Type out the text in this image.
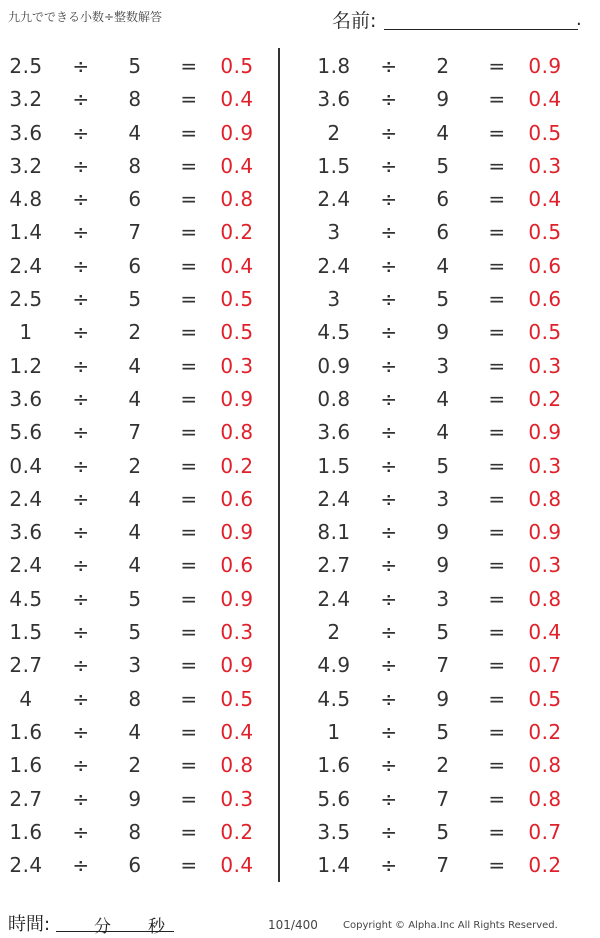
九九でできる小数÷整数解答	名前:	.
2.5	÷	5	=	0.5
3.2	÷	8	=	0.4
3.6	÷	4	=	0.9
3.2	÷	8	=	0.4
4.8	÷	6	=	0.8
1.4	÷	7	=	0.2
2.4	÷	6	=	0.4
2.5	÷	5	=	0.5
1	÷	2	=	0.5
1.2	÷	4	=	0.3
3.6	÷	4	=	0.9
5.6	÷	7	=	0.8
0.4	÷	2	=	0.2
2.4	÷	4	=	0.6
3.6	÷	4	=	0.9
2.4	÷	4	=	0.6
4.5	÷	5	=	0.9
1.5	÷	5	=	0.3
2.7	÷	3	=	0.9
4	÷	8	=	0.5
1.6	÷	4	=	0.4
1.6	÷	2	=	0.8
2.7	÷	9	=	0.3
1.6	÷	8	=	0.2
2.4	÷	6	=	0.4
1.8	÷	2	=	0.9
3.6	÷	9	=	0.4
2	÷	4	=	0.5
1.5	÷	5	=	0.3
2.4	÷	6	=	0.4
3	÷	6	=	0.5
2.4	÷	4	=	0.6
3	÷	5	=	0.6
4.5	÷	9	=	0.5
0.9	÷	3	=	0.3
0.8	÷	4	=	0.2
3.6	÷	4	=	0.9
1.5	÷	5	=	0.3
2.4	÷	3	=	0.8
8.1	÷	9	=	0.9
2.7	÷	9	=	0.3
2.4	÷	3	=	0.8
2	÷	5	=	0.4
4.9	÷	7	=	0.7
4.5	÷	9	=	0.5
1	÷	5	=	0.2
1.6	÷	2	=	0.8
5.6	÷	7	=	0.8
3.5	÷	5	=	0.7
1.4	÷	7	=	0.2
時間:	分 秒	101/400	Copyright © Alpha.Inc All Rights Reserved.
